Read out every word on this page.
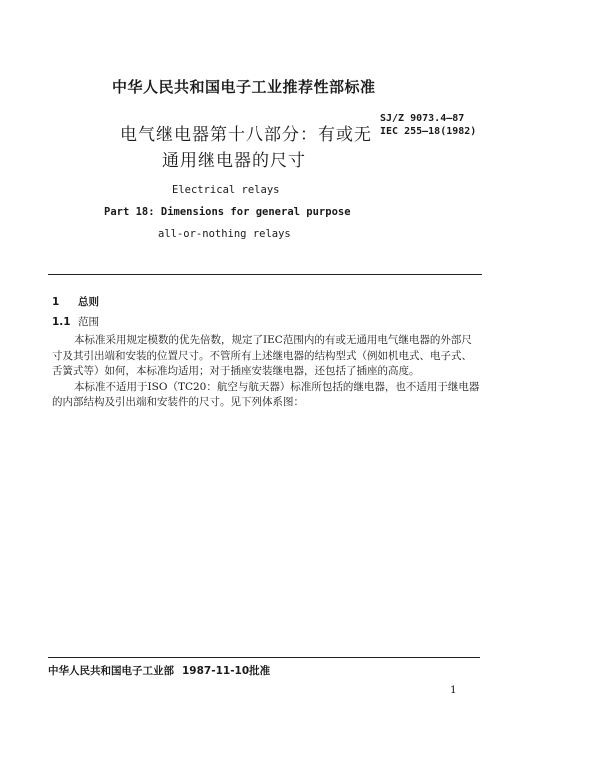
中华人民共和国电子工业推荐性部标准
电气继电器第十八部分：有或无
通用继电器的尺寸
SJ/Z 9073.4—87
IEC 255—18(1982)
Electrical relays
Part 18: Dimensions for general purpose
all-or-nothing relays
1 总则
1.1 范围

本标准采用规定模数的优先倍数，规定了IEC范围内的有或无通用电气继电器的外部尺

寸及其引出端和安装的位置尺寸。不管所有上述继电器的结构型式（例如机电式、电子式、

舌簧式等）如何，本标准均适用；对于插座安装继电器，还包括了插座的高度。

本标准不适用于ISO（TC20：航空与航天器）标准所包括的继电器，也不适用于继电器

的内部结构及引出端和安装件的尺寸。见下列体系图：

中华人民共和国电子工业部 1987-11-10批准
1
